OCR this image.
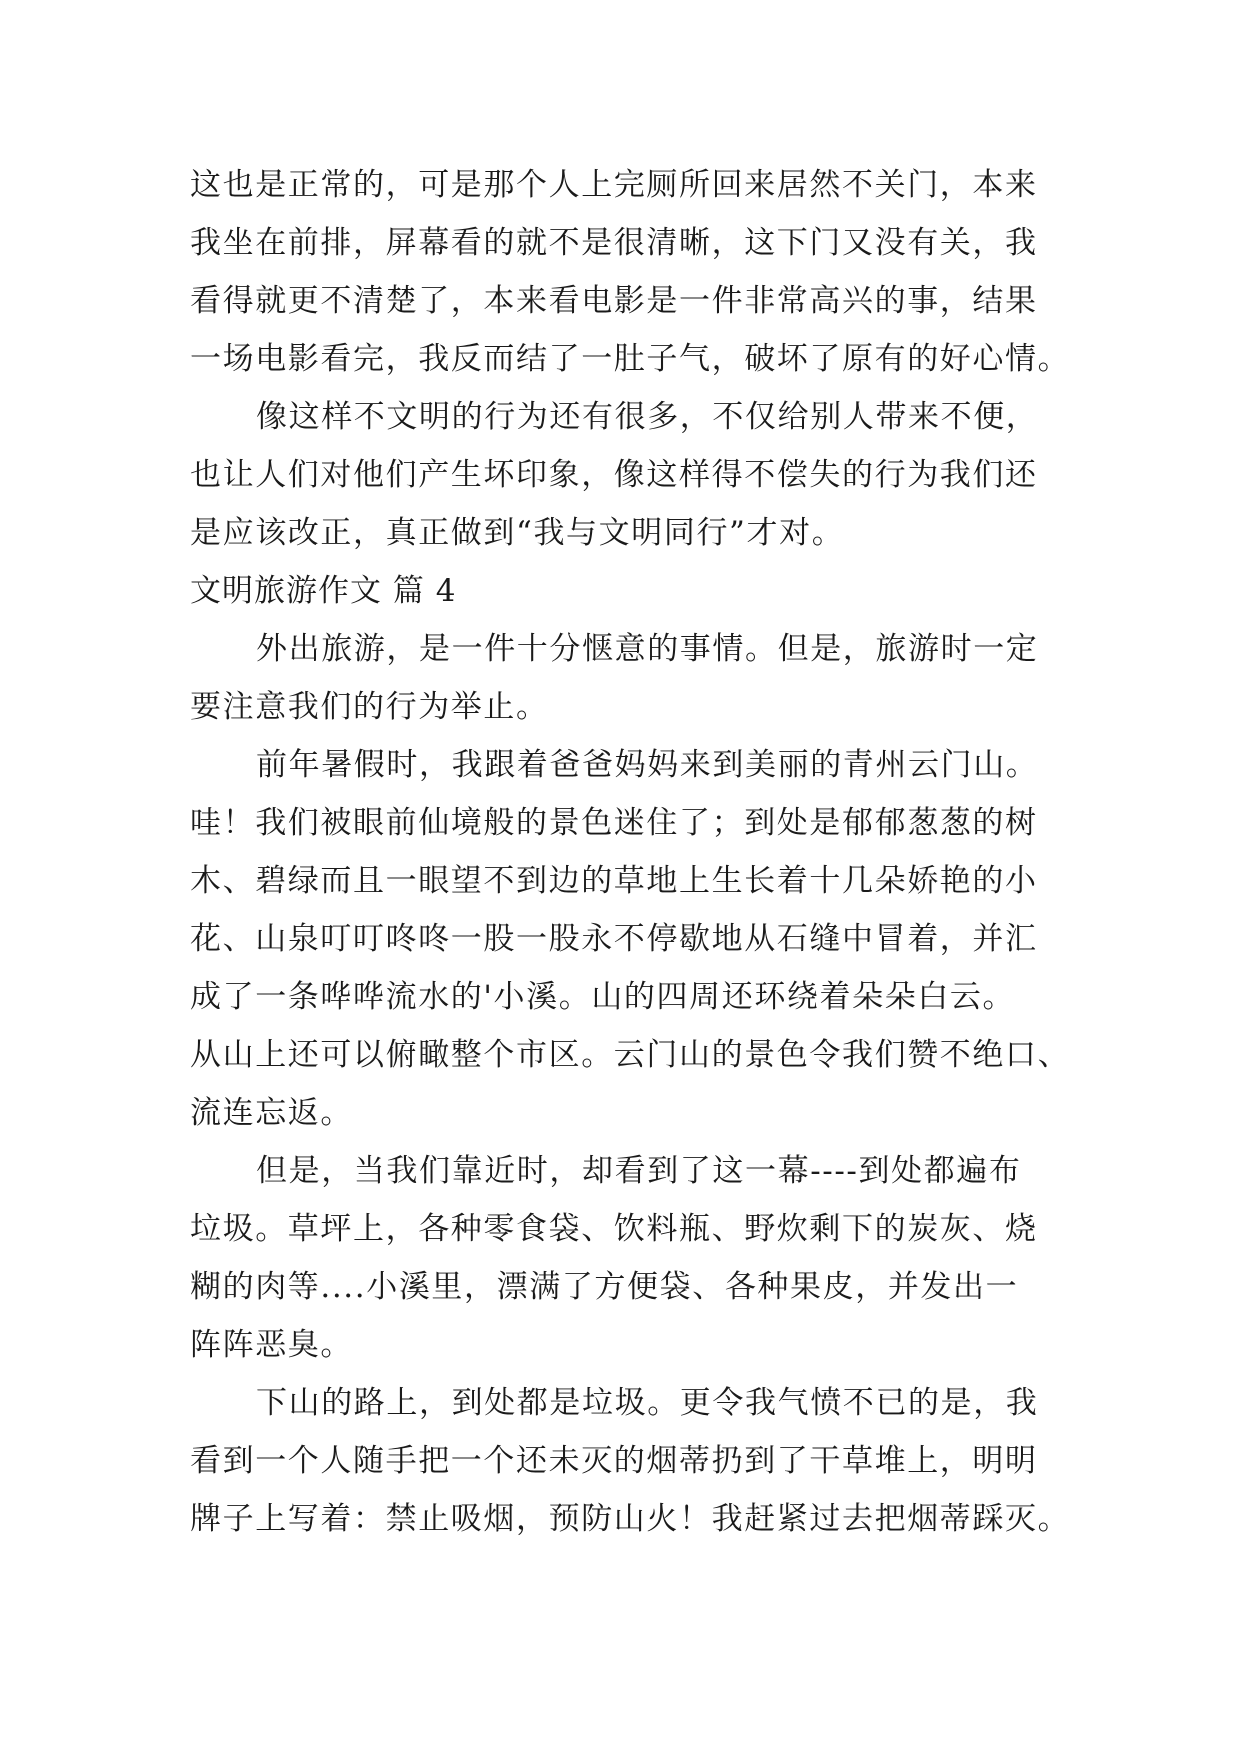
这也是正常的，可是那个人上完厕所回来居然不关门，本来
我坐在前排，屏幕看的就不是很清晰，这下门又没有关，我
看得就更不清楚了，本来看电影是一件非常高兴的事，结果
一场电影看完，我反而结了一肚子气，破坏了原有的好心情。
像这样不文明的行为还有很多，不仅给别人带来不便，
也让人们对他们产生坏印象，像这样得不偿失的行为我们还
是应该改正，真正做到“我与文明同行”才对。
文明旅游作文 篇 4
外出旅游，是一件十分惬意的事情。但是，旅游时一定
要注意我们的行为举止。
前年暑假时，我跟着爸爸妈妈来到美丽的青州云门山。
哇！我们被眼前仙境般的景色迷住了；到处是郁郁葱葱的树
木、碧绿而且一眼望不到边的草地上生长着十几朵娇艳的小
花、山泉叮叮咚咚一股一股永不停歇地从石缝中冒着，并汇
成了一条哗哗流水的'小溪。山的四周还环绕着朵朵白云。
从山上还可以俯瞰整个市区。云门山的景色令我们赞不绝口、
流连忘返。
但是，当我们靠近时，却看到了这一幕----到处都遍布
垃圾。草坪上，各种零食袋、饮料瓶、野炊剩下的炭灰、烧
糊的肉等....小溪里，漂满了方便袋、各种果皮，并发出一
阵阵恶臭。
下山的路上，到处都是垃圾。更令我气愤不已的是，我
看到一个人随手把一个还未灭的烟蒂扔到了干草堆上，明明
牌子上写着：禁止吸烟，预防山火！我赶紧过去把烟蒂踩灭。
